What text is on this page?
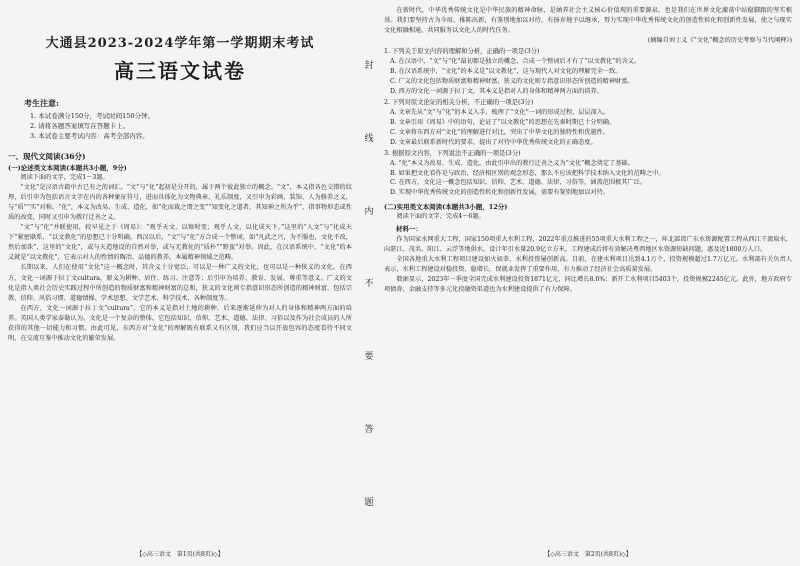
大通县2023-2024学年第一学期期末考试
高三语文试卷
考生注意:
1. 本试卷满分150分，考试时间150分钟。
2. 请将各题答案填写在答题卡上。
3. 本试卷主要考试内容：高考全部内容。
一、现代文阅读(36分)
(一)论述类文本阅读(本题共3小题，9分)

阅读下面的文字，完成1～3题。

“文化”是汉语古籍中古已有之的词汇。“文”与“化”起初是分开的，属于两个彼此独立的概念。“文”，本义指各色交错的纹理，后引申为包括语言文字在内的各种象征符号，进而具体化为文物典章、礼乐制度，又引申为彩画、装饰、人为修养之义，与“质”“实”对称。“化”，本义为改易、生成、造化，如“化而裁之谓之变”“知变化之道者，其知神之所为乎”，指事物形态或性质的改变，同时又引申为教行迁善之义。

“文”与“化”并联使用，较早见之于《周易》：“观乎天文，以察时变；观乎人文，以化成天下。”这里的“人文”与“化成天下”紧密联系，“以文教化”的思想已十分明确。西汉以后，“文”与“化”方合成一个整词，如“凡武之兴，为不服也，文化不改，然后加诛”，这里的“文化”，或与天造地设的自然对举，或与无教化的“质朴”“野蛮”对举。因此，在汉语系统中，“文化”的本义就是“以文教化”，它表示对人的性情的陶冶、品德的教养，本属精神领域之范畴。

长期以来，人们在使用“文化”这一概念时，其含义十分宽泛，可以是一种广义的文化，也可以是一种狭义的文化。在西方，文化一词源于拉丁文cultura，原义为耕种、居住、练习、注意等；后引申为培养、教育、发展、尊重等意义。广义的文化是指人类社会历史实践过程中所创造的物质财富和精神财富的总和，狭义的文化则专指意识形态所创造的精神财富，包括宗教、信仰、风俗习惯、道德情操、学术思想、文学艺术、科学技术、各种制度等。

在西方，文化一词源于拉丁文“cultura”，它的本义是指对土地的耕种，后来逐渐延伸为对人的身体和精神两方面的培养。英国人类学家泰勒认为，文化是一个复杂的整体，它包括知识、信仰、艺术、道德、法律、习俗以及作为社会成员的人所获得的其他一切能力和习惯。由此可见，东西方对“文化”的理解既有联系又有区别，我们应当以开放包容的态度看待不同文明，在交流互鉴中推动文化的繁荣发展。

【◇高三语文　第1页(共8页)◇】
封
线
内
不
要
答
题

在新时代，中华优秀传统文化是中华民族的精神命脉，是涵养社会主义核心价值观的重要源泉，也是我们在世界文化激荡中站稳脚跟的坚实根基。我们要坚持古为今用、推陈出新，有鉴别地加以对待，有扬弃地予以继承，努力实现中华优秀传统文化的创造性转化和创新性发展，使之与现实文化相融相通，共同服务以文化人的时代任务。

(摘编自刘士义《“文化”概念的历史考察与当代阐释》)

1. 下列关于原文内容的理解和分析，正确的一项是(3分)

A. 在汉语中，“文”与“化”最初都是独立的概念，合成一个整词后才有了“以文教化”的含义。

B. 在汉语系统中，“文化”的本义是“以文教化”，这与现代人对文化的理解完全一致。

C. 广义的文化包括物质财富和精神财富，狭义的文化则专指意识形态所创造的精神财富。

D. 西方的文化一词源于拉丁文，其本义是指对人的身体和精神两方面的培养。

2. 下列对原文论证的相关分析，不正确的一项是(3分)

A. 文章先从“文”与“化”的本义入手，梳理了“文化”一词的形成过程，层层深入。

B. 文章引用《周易》中的语句，论证了“以文教化”的思想在先秦时期已十分明确。

C. 文章将东西方对“文化”的理解进行对比，突出了中华文化的独特性和优越性。

D. 文章最后联系新时代的要求，提出了对待中华优秀传统文化的正确态度。

3. 根据原文内容，下列说法不正确的一项是(3分)

A. “化”本义为改易、生成、造化，由此引申出的教行迁善之义为“文化”概念奠定了基础。

B. 如果把文化看作是与政治、经济相区别的观念形态，那么不应该把科学技术纳入文化的范畴之中。

C. 在西方，文化这一概念包括知识、信仰、艺术、道德、法律、习俗等，涵盖范围极其广泛。

D. 实现中华优秀传统文化的创造性转化和创新性发展，需要有鉴别地加以对待。

(二)实用类文本阅读(本题共3小题，12分)

阅读下面的文字，完成4～6题。

材料一：

作为国家水网重大工程，国家150项重大水利工程，2022年重点推进的55项重大水利工程之一，环北部湾广东水资源配置工程从西江干流取水，向湛江、茂名、阳江、云浮等地供水，设计年引水量20.9亿立方米，工程建成后将有效解决粤西地区水资源短缺问题，惠及近1800万人口。

全国各地重大水利工程项目建设如火如荼，水利投资屡创新高。目前，在建水利项目达到4.1万个，投资规模超过1.7万亿元。水利部有关负责人表示，水利工程建设对稳投资、稳增长、保就业发挥了重要作用，有力推动了经济社会高质量发展。

数据显示，2023年一季度全国完成水利建设投资1871亿元，同比增长8.6%；新开工水利项目5403个，投资规模2245亿元。此外，地方政府专项债券、金融支持等多元化投融资渠道也为水利建设提供了有力保障。

【◇高三语文　第2页(共8页)◇】
